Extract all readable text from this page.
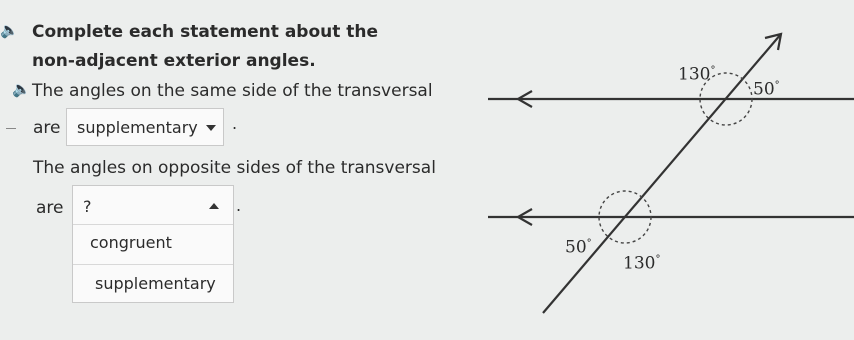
🔈 Complete each statement about the
non-adjacent exterior angles.
🔈 The angles on the same side of the transversal
are supplementary .
The angles on opposite sides of the transversal
are ?
congruent
supplementary
.
130°
50°
50°
130°
